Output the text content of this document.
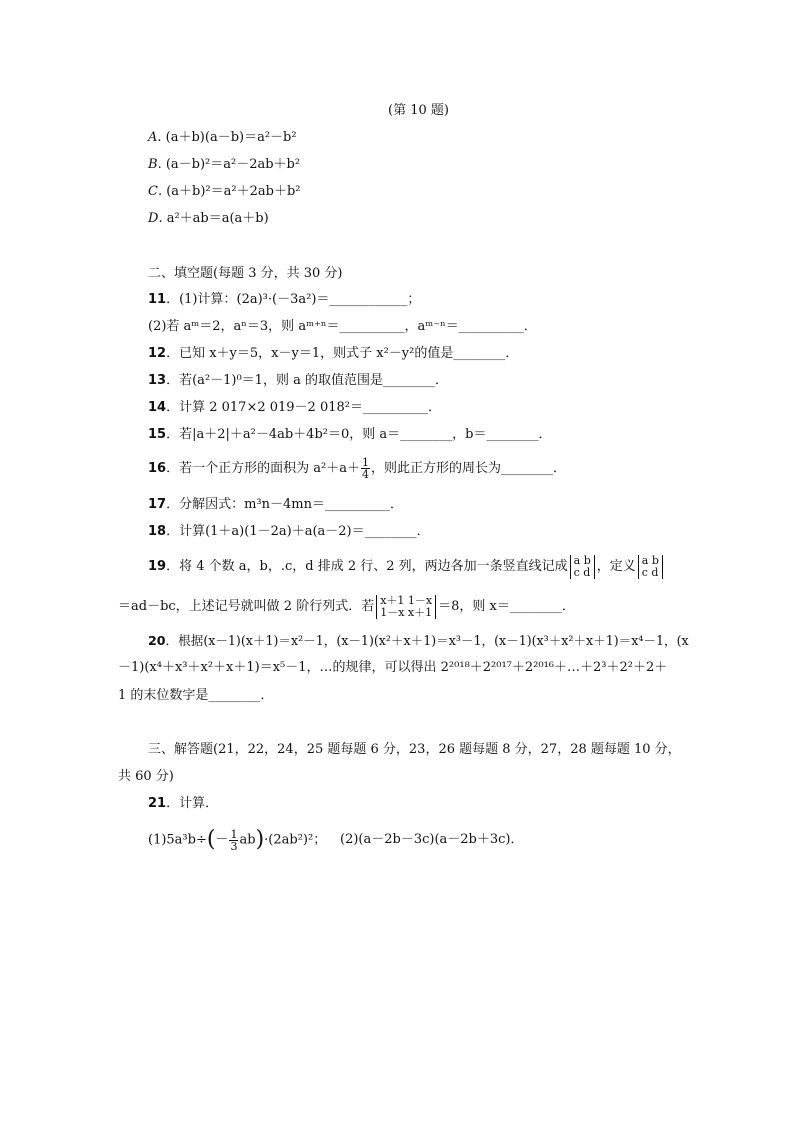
(第 10 题)
A. (a＋b)(a－b)＝a²－b²
B. (a－b)²＝a²－2ab＋b²
C. (a＋b)²＝a²＋2ab＋b²
D. a²＋ab＝a(a＋b)
二、填空题(每题 3 分，共 30 分)
11．(1)计算：(2a)³·(－3a²)＝____________；
(2)若 aᵐ＝2，aⁿ＝3，则 aᵐ⁺ⁿ＝__________，aᵐ⁻ⁿ＝__________．
12．已知 x＋y＝5，x－y＝1，则式子 x²－y²的值是________．
13．若(a²－1)⁰＝1，则 a 的取值范围是________．
14．计算 2 017×2 019－2 018²＝__________．
15．若|a＋2|＋a²－4ab＋4b²＝0，则 a＝________，b＝________．
16．若一个正方形的面积为 $a^2+a+ \frac{1}{4}$ ，则此正方形的周长为________．
17．分解因式：m³n－4mn＝__________．
18．计算(1＋a)(1－2a)＋a(a－2)＝________．
19．将 4 个数 a，b，.c，d 排成 2 行、2 列，两边各加一条竖直线记成 a b
c d ，定义 a b
c d
＝ad－bc，上述记号就叫做 2 阶行列式．若 x＋1 1－x
1－x x＋1 ＝8，则 x＝________．
20．根据(x－1)(x＋1)＝x²－1，(x－1)(x²＋x＋1)＝x³－1，(x－1)(x³＋x²＋x＋1)＝x⁴－1，(x
－1)(x⁴＋x³＋x²＋x＋1)＝x⁵－1，…的规律，可以得出 2²⁰¹⁸＋2²⁰¹⁷＋2²⁰¹⁶＋…＋2³＋2²＋2＋
1 的末位数字是________．
三、解答题(21，22，24，25 题每题 6 分，23，26 题每题 8 分，27，28 题每题 10 分，
共 60 分)
21．计算．
$(1)5a^3b\div(- \frac{1}{3} ab)\cdot(2ab^2)^2$； (2)(a－2b－3c)(a－2b＋3c)．
